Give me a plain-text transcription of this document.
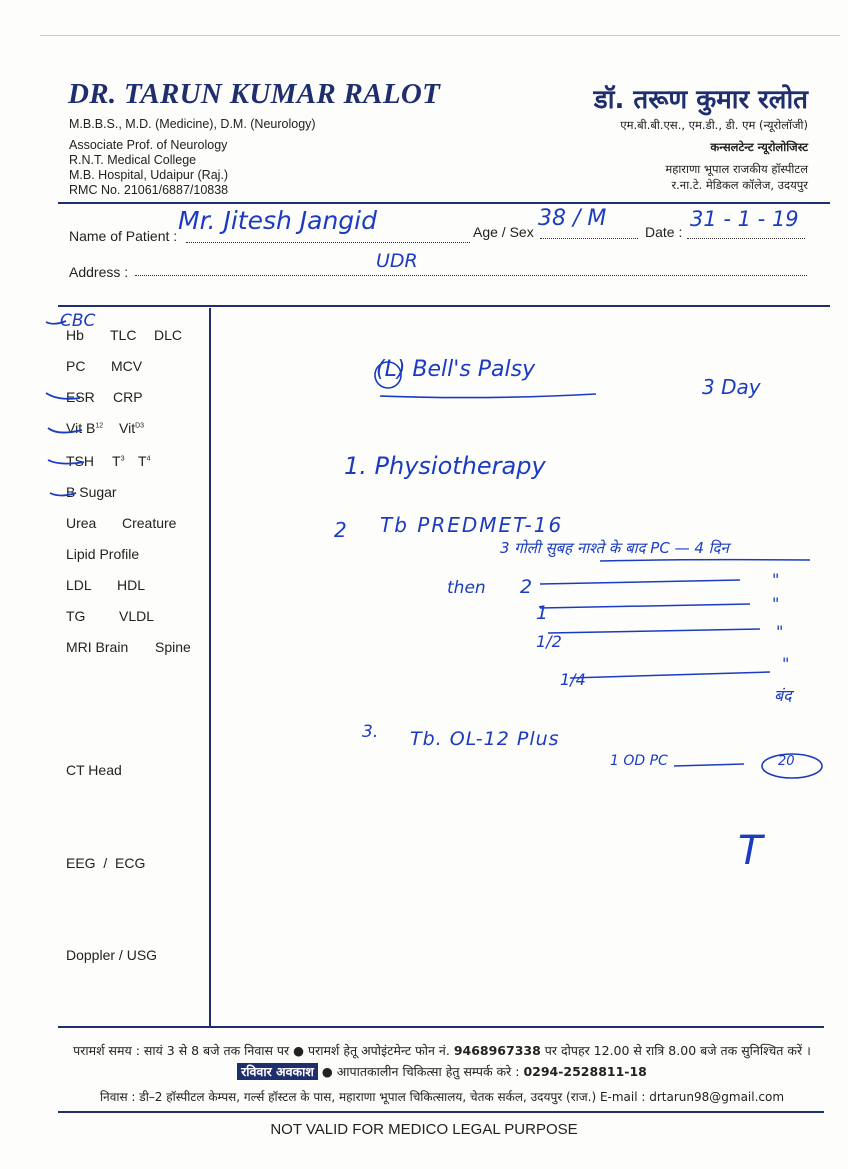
DR. TARUN KUMAR RALOT	डॉ. तरूण कुमार रलोत
M.B.B.S., M.D. (Medicine), D.M. (Neurology)
Associate Prof. of Neurology
R.N.T. Medical College
M.B. Hospital, Udaipur (Raj.)
RMC No. 21061/6887/10838
एम.बी.बी.एस., एम.डी., डी. एम (न्यूरोलॉजी)
कन्सलटेन्ट न्यूरोलोजिस्ट
महाराणा भूपाल राजकीय हॉस्पीटल
र.ना.टे. मेडिकल कॉलेज, उदयपुर
Name of Patient :
Mr. Jitesh Jangid	Age / Sex
38 / M
Date :
31 - 1 - 19
Address :	UDR
CBC
Hb TLC DLC
PC MCV
ESR CRP
Vit $B^{12}$ Vit$^{D3}$
TSH $T^3$ $T^4$
B Sugar
Urea Creature
Lipid Profile
LDL HDL
TG VLDL
MRI Brain Spine
CT Head
EEG / ECG
Doppler / USG
(L) Bell's Palsy
3 Day
1. Physiotherapy
2 Tb PREDMET-16
3 गोली सुबह नाश्ते के बाद PC — 4 दिन
then 2
1
1/2
1/4
"
"
"
"
बंद
3. Tb. OL-12 Plus
1 OD PC	20
T
परामर्श समय : सायं 3 से 8 बजे तक निवास पर ● परामर्श हेतू अपोइंटमेन्ट फोन नं. 9468967338 पर दोपहर 12.00 से रात्रि 8.00 बजे तक सुनिश्चित करें । रविवार अवकाश ● आपातकालीन चिकित्सा हेतु सम्पर्क करे : 0294-2528811-18
निवास : डी–2 हॉस्पीटल केम्पस, गर्ल्स हॉस्टल के पास, महाराणा भूपाल चिकित्सालय, चेतक सर्कल, उदयपुर (राज.) E-mail : drtarun98@gmail.com
NOT VALID FOR MEDICO LEGAL PURPOSE
